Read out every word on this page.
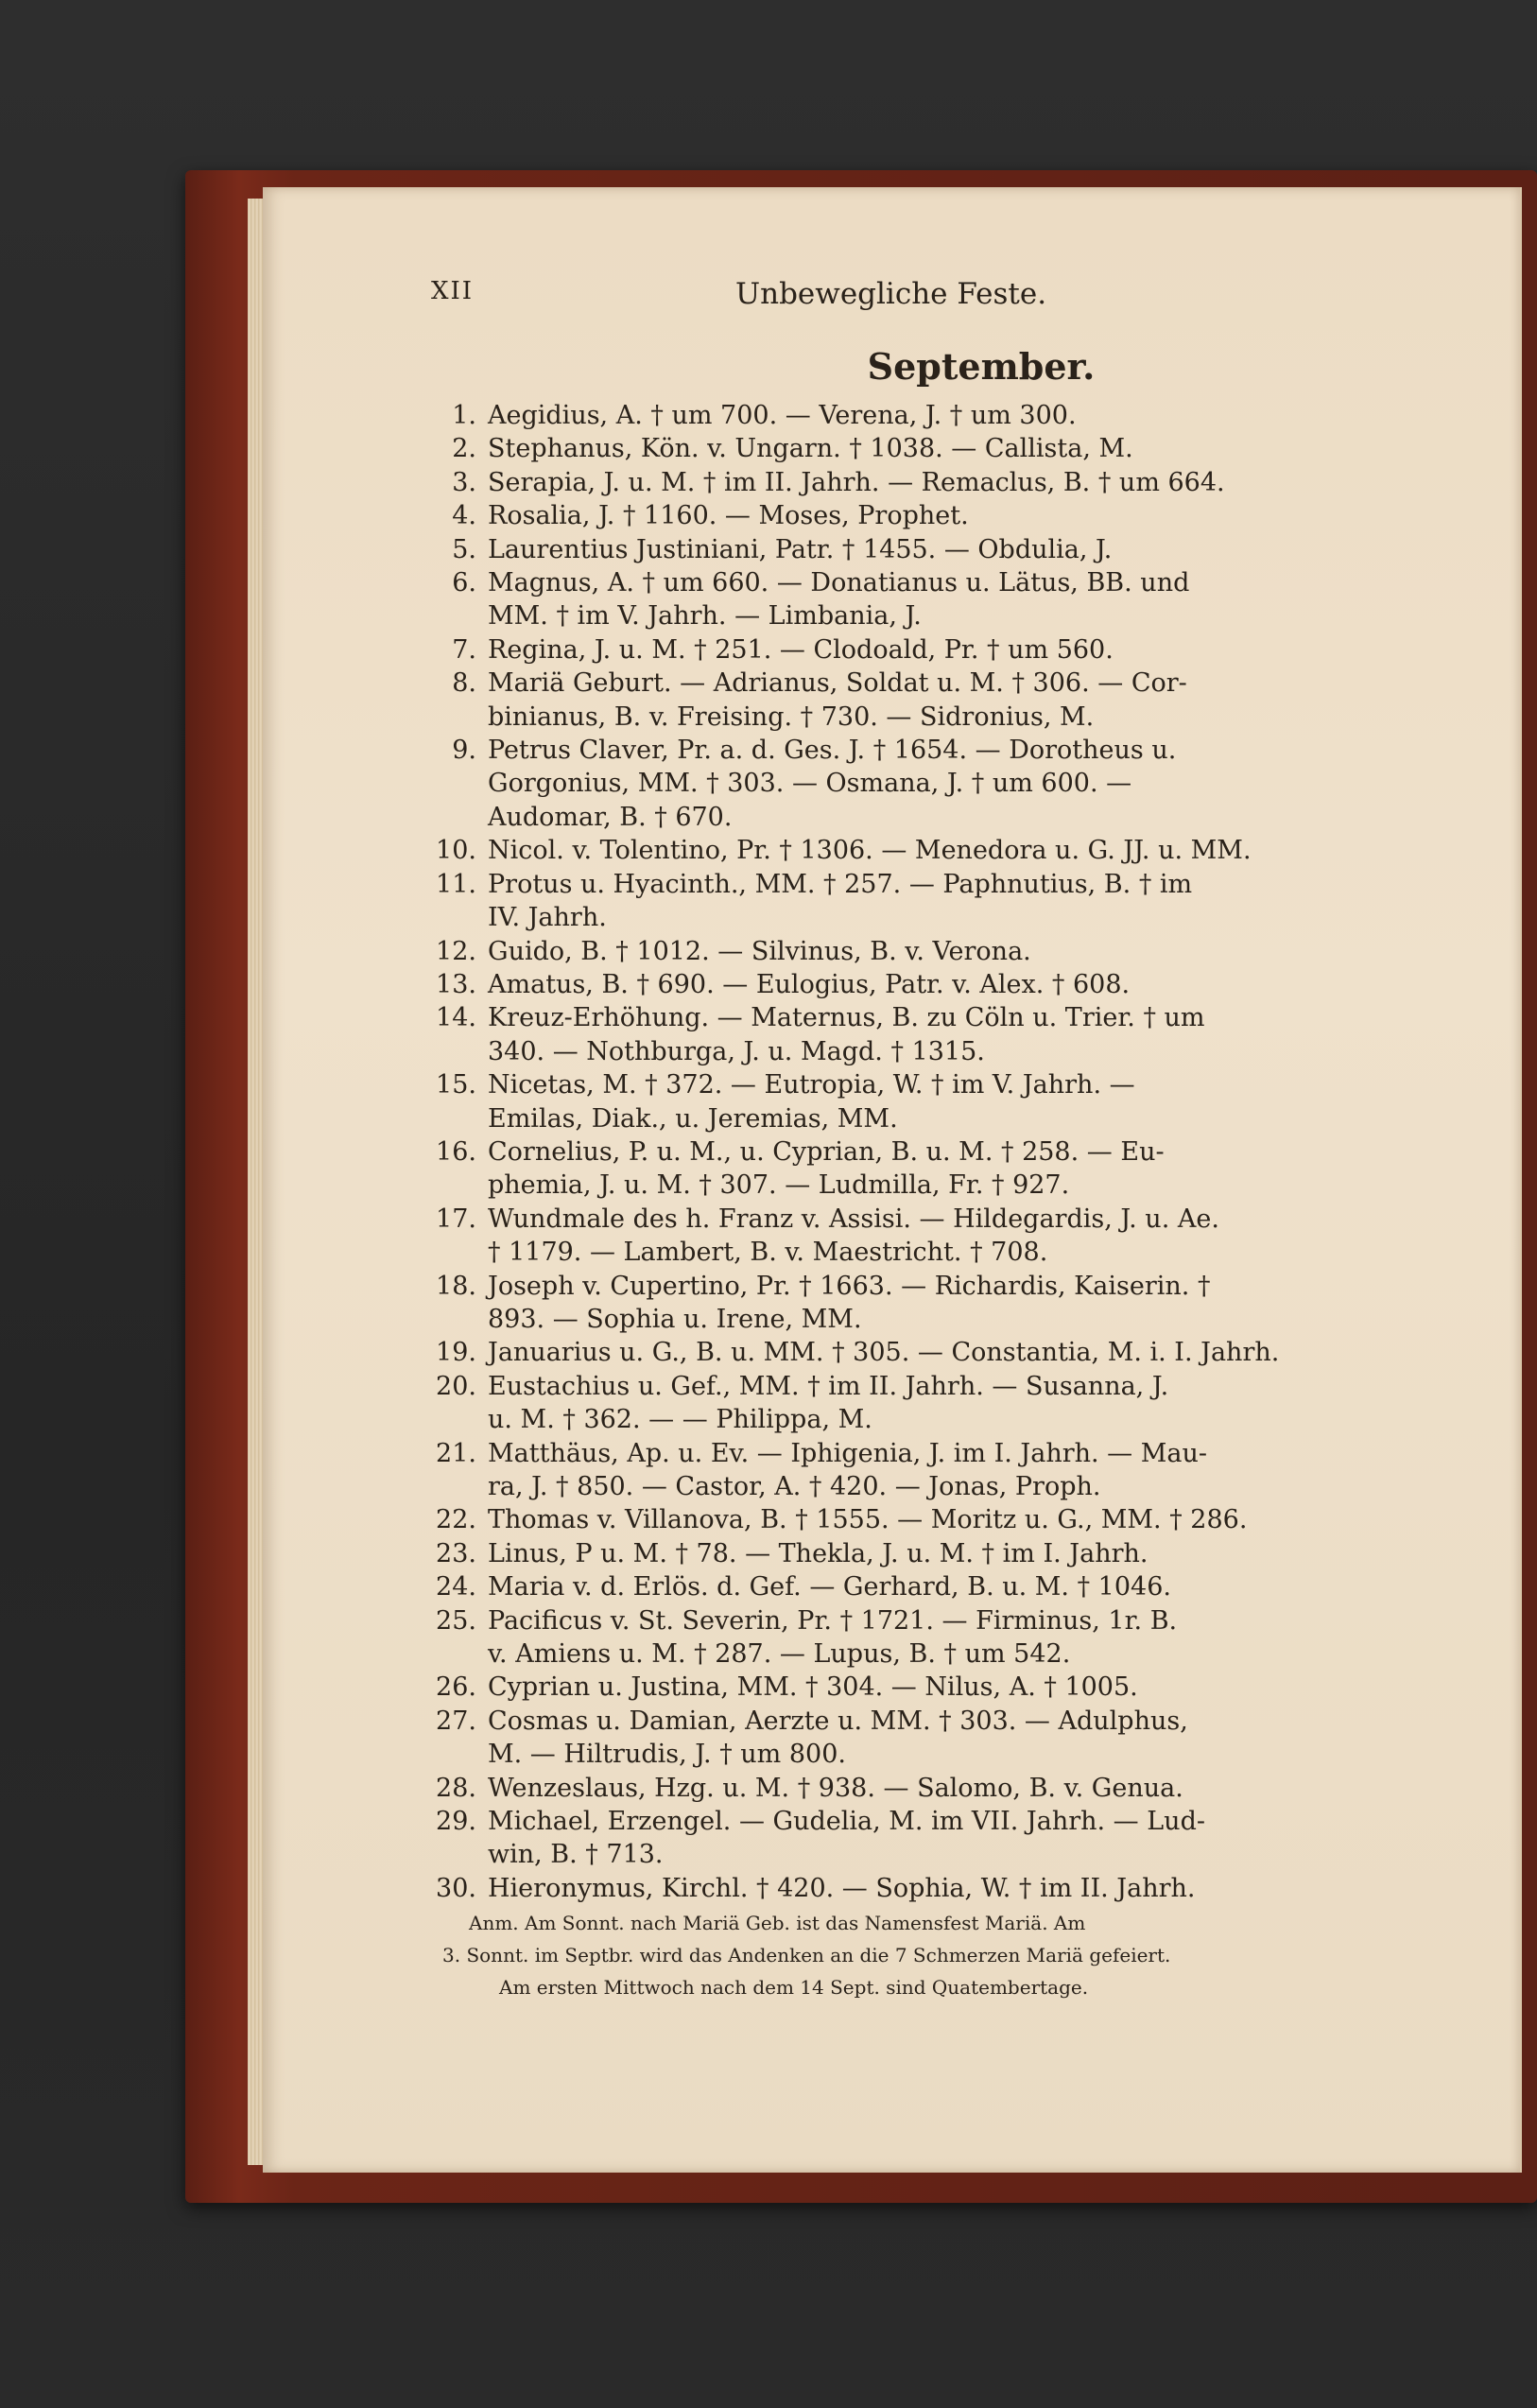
XII	Unbewegliche Feste.
September.
1. Aegidius, A. † um 700. — Verena, J. † um 300.
2. Stephanus, Kön. v. Ungarn. † 1038. — Callista, M.
3. Serapia, J. u. M. † im II. Jahrh. — Remaclus, B. † um 664.
4. Rosalia, J. † 1160. — Moses, Prophet.
5. Laurentius Justiniani, Patr. † 1455. — Obdulia, J.
6. Magnus, A. † um 660. — Donatianus u. Lätus, BB. und
MM. † im V. Jahrh. — Limbania, J.
7. Regina, J. u. M. † 251. — Clodoald, Pr. † um 560.
8. Mariä Geburt. — Adrianus, Soldat u. M. † 306. — Cor-
binianus, B. v. Freising. † 730. — Sidronius, M.
9. Petrus Claver, Pr. a. d. Ges. J. † 1654. — Dorotheus u.
Gorgonius, MM. † 303. — Osmana, J. † um 600. —
Audomar, B. † 670.
10. Nicol. v. Tolentino, Pr. † 1306. — Menedora u. G. JJ. u. MM.
11. Protus u. Hyacinth., MM. † 257. — Paphnutius, B. † im
IV. Jahrh.
12. Guido, B. † 1012. — Silvinus, B. v. Verona.
13. Amatus, B. † 690. — Eulogius, Patr. v. Alex. † 608.
14. Kreuz-Erhöhung. — Maternus, B. zu Cöln u. Trier. † um
340. — Nothburga, J. u. Magd. † 1315.
15. Nicetas, M. † 372. — Eutropia, W. † im V. Jahrh. —
Emilas, Diak., u. Jeremias, MM.
16. Cornelius, P. u. M., u. Cyprian, B. u. M. † 258. — Eu-
phemia, J. u. M. † 307. — Ludmilla, Fr. † 927.
17. Wundmale des h. Franz v. Assisi. — Hildegardis, J. u. Ae.
† 1179. — Lambert, B. v. Maestricht. † 708.
18. Joseph v. Cupertino, Pr. † 1663. — Richardis, Kaiserin. †
893. — Sophia u. Irene, MM.
19. Januarius u. G., B. u. MM. † 305. — Constantia, M. i. I. Jahrh.
20. Eustachius u. Gef., MM. † im II. Jahrh. — Susanna, J.
u. M. † 362. — — Philippa, M.
21. Matthäus, Ap. u. Ev. — Iphigenia, J. im I. Jahrh. — Mau-
ra, J. † 850. — Castor, A. † 420. — Jonas, Proph.
22. Thomas v. Villanova, B. † 1555. — Moritz u. G., MM. † 286.
23. Linus, P u. M. † 78. — Thekla, J. u. M. † im I. Jahrh.
24. Maria v. d. Erlös. d. Gef. — Gerhard, B. u. M. † 1046.
25. Pacificus v. St. Severin, Pr. † 1721. — Firminus, 1r. B.
v. Amiens u. M. † 287. — Lupus, B. † um 542.
26. Cyprian u. Justina, MM. † 304. — Nilus, A. † 1005.
27. Cosmas u. Damian, Aerzte u. MM. † 303. — Adulphus,
M. — Hiltrudis, J. † um 800.
28. Wenzeslaus, Hzg. u. M. † 938. — Salomo, B. v. Genua.
29. Michael, Erzengel. — Gudelia, M. im VII. Jahrh. — Lud-
win, B. † 713.
30. Hieronymus, Kirchl. † 420. — Sophia, W. † im II. Jahrh.
Anm. Am Sonnt. nach Mariä Geb. ist das Namensfest Mariä. Am
3. Sonnt. im Septbr. wird das Andenken an die 7 Schmerzen Mariä gefeiert.
Am ersten Mittwoch nach dem 14 Sept. sind Quatembertage.
